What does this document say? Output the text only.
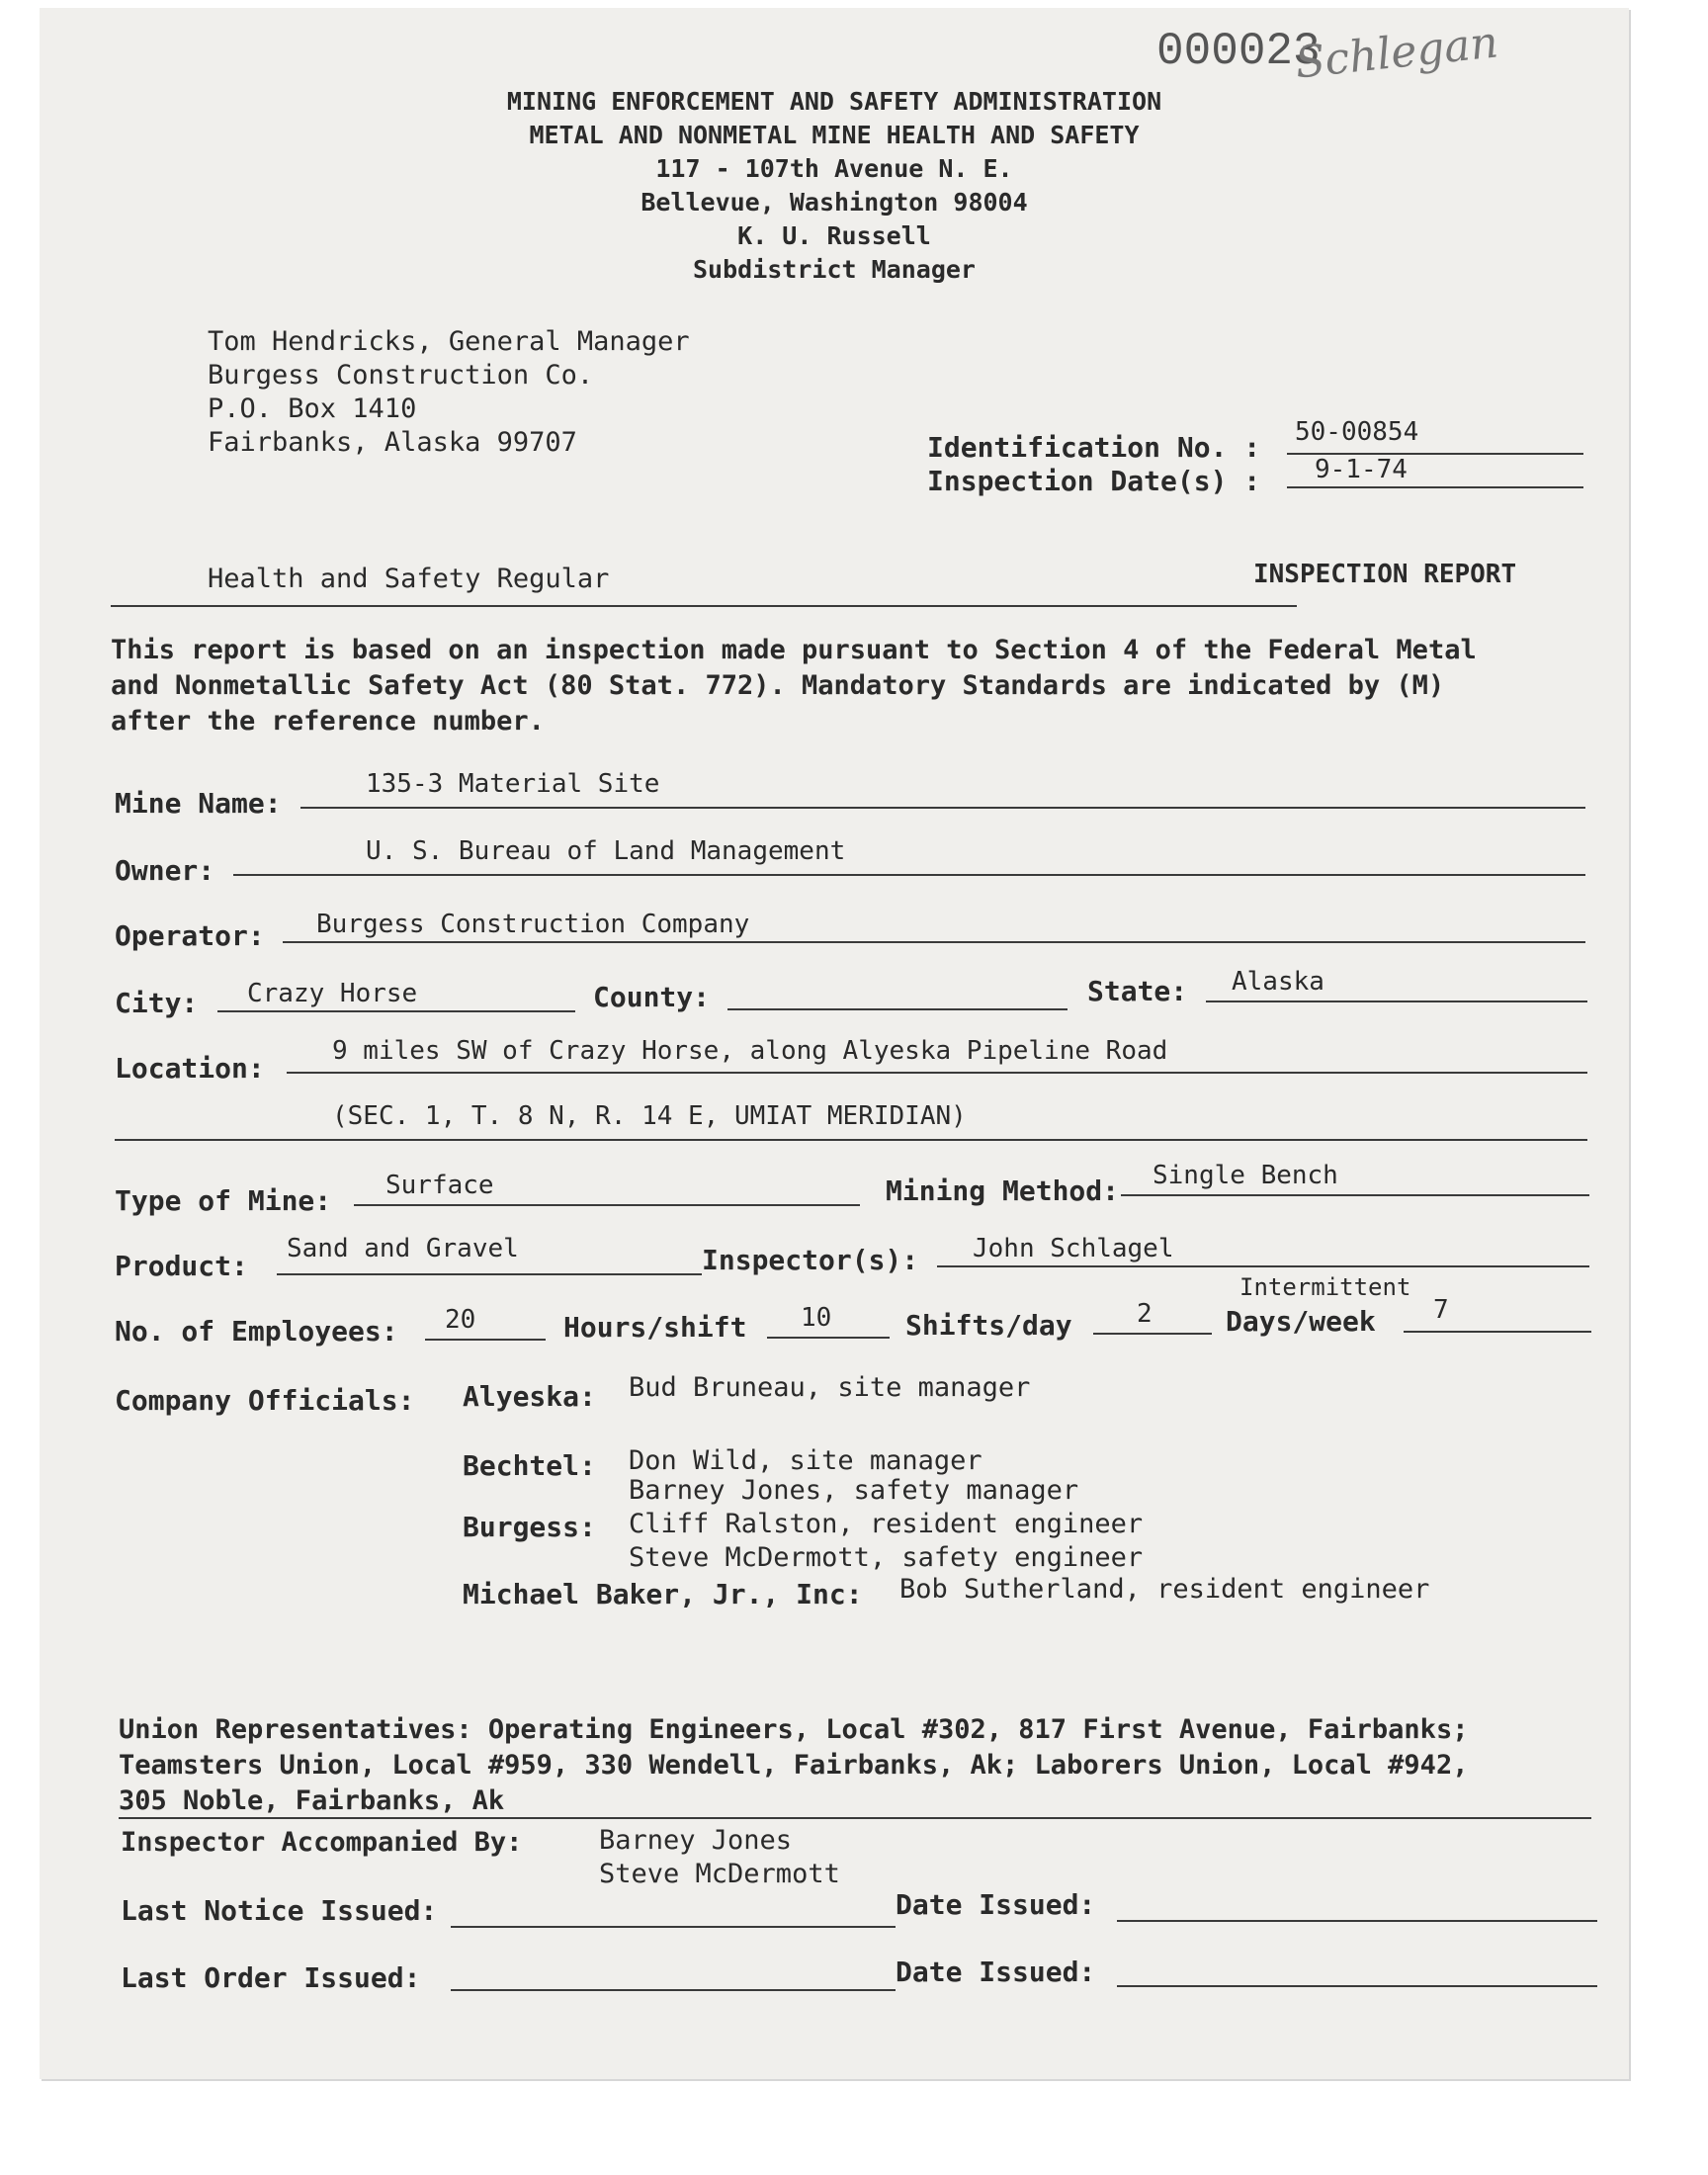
000023
Schlegan
MINING ENFORCEMENT AND SAFETY ADMINISTRATION
METAL AND NONMETAL MINE HEALTH AND SAFETY
117 - 107th Avenue N. E.
Bellevue, Washington 98004
K. U. Russell
Subdistrict Manager
Tom Hendricks, General Manager
Burgess Construction Co.
P.O. Box 1410
Fairbanks, Alaska 99707	Identification No. : 50-00854
Inspection Date(s) : 9-1-74
Health and Safety Regular	INSPECTION REPORT
This report is based on an inspection made pursuant to Section 4 of the Federal Metal
and Nonmetallic Safety Act (80 Stat. 772). Mandatory Standards are indicated by (M)
after the reference number.
Mine Name:
135-3 Material Site
Owner:
U. S. Bureau of Land Management
Operator: Burgess Construction Company
City: Crazy Horse	County:	State: Alaska
Location:
9 miles SW of Crazy Horse, along Alyeska Pipeline Road
(SEC. 1, T. 8 N, R. 14 E, UMIAT MERIDIAN)
Type of Mine: Surface	Mining Method: Single Bench
Product:
Sand and Gravel	Inspector(s): John Schlagel
Intermittent
No. of Employees: 20	Hours/shift 10	Shifts/day	2	Days/week 7
Company Officials: Alyeska: Bud Bruneau, site manager
Bechtel: Don Wild, site manager
Barney Jones, safety manager
Burgess: Cliff Ralston, resident engineer
Steve McDermott, safety engineer
Michael Baker, Jr., Inc: Bob Sutherland, resident engineer
Union Representatives: Operating Engineers, Local #302, 817 First Avenue, Fairbanks;
Teamsters Union, Local #959, 330 Wendell, Fairbanks, Ak; Laborers Union, Local #942,
305 Noble, Fairbanks, Ak
Inspector Accompanied By:	Barney Jones
Steve McDermott
Last Notice Issued:	Date Issued:
Last Order Issued:	Date Issued:
